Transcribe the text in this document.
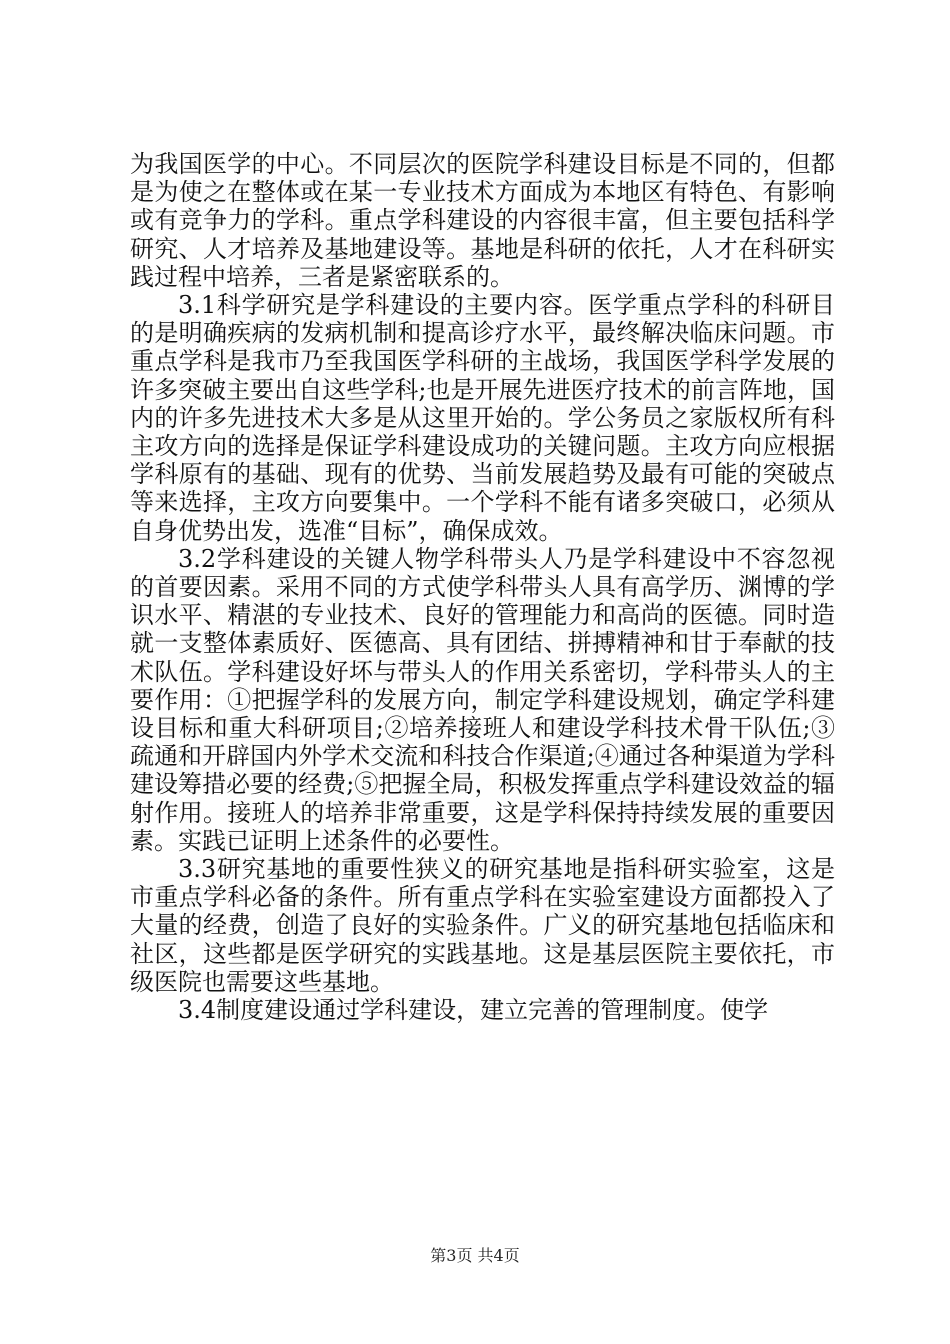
为我国医学的中心。不同层次的医院学科建设目标是不同的，但都是为使之在整体或在某一专业技术方面成为本地区有特色、有影响或有竞争力的学科。重点学科建设的内容很丰富，但主要包括科学研究、人才培养及基地建设等。基地是科研的依托，人才在科研实践过程中培养，三者是紧密联系的。

3.1科学研究是学科建设的主要内容。医学重点学科的科研目的是明确疾病的发病机制和提高诊疗水平，最终解决临床问题。市重点学科是我市乃至我国医学科研的主战场，我国医学科学发展的许多突破主要出自这些学科;也是开展先进医疗技术的前言阵地，国内的许多先进技术大多是从这里开始的。学公务员之家版权所有科主攻方向的选择是保证学科建设成功的关键问题。主攻方向应根据学科原有的基础、现有的优势、当前发展趋势及最有可能的突破点等来选择，主攻方向要集中。一个学科不能有诸多突破口，必须从自身优势出发，选准“目标”，确保成效。

3.2学科建设的关键人物学科带头人乃是学科建设中不容忽视的首要因素。采用不同的方式使学科带头人具有高学历、渊博的学识水平、精湛的专业技术、良好的管理能力和高尚的医德。同时造就一支整体素质好、医德高、具有团结、拼搏精神和甘于奉献的技术队伍。学科建设好坏与带头人的作用关系密切，学科带头人的主要作用：①把握学科的发展方向，制定学科建设规划，确定学科建设目标和重大科研项目;②培养接班人和建设学科技术骨干队伍;③疏通和开辟国内外学术交流和科技合作渠道;④通过各种渠道为学科建设筹措必要的经费;⑤把握全局，积极发挥重点学科建设效益的辐射作用。接班人的培养非常重要，这是学科保持持续发展的重要因素。实践已证明上述条件的必要性。

3.3研究基地的重要性狭义的研究基地是指科研实验室，这是市重点学科必备的条件。所有重点学科在实验室建设方面都投入了大量的经费，创造了良好的实验条件。广义的研究基地包括临床和社区，这些都是医学研究的实践基地。这是基层医院主要依托，市级医院也需要这些基地。

3.4制度建设通过学科建设，建立完善的管理制度。使学

第3页 共4页
